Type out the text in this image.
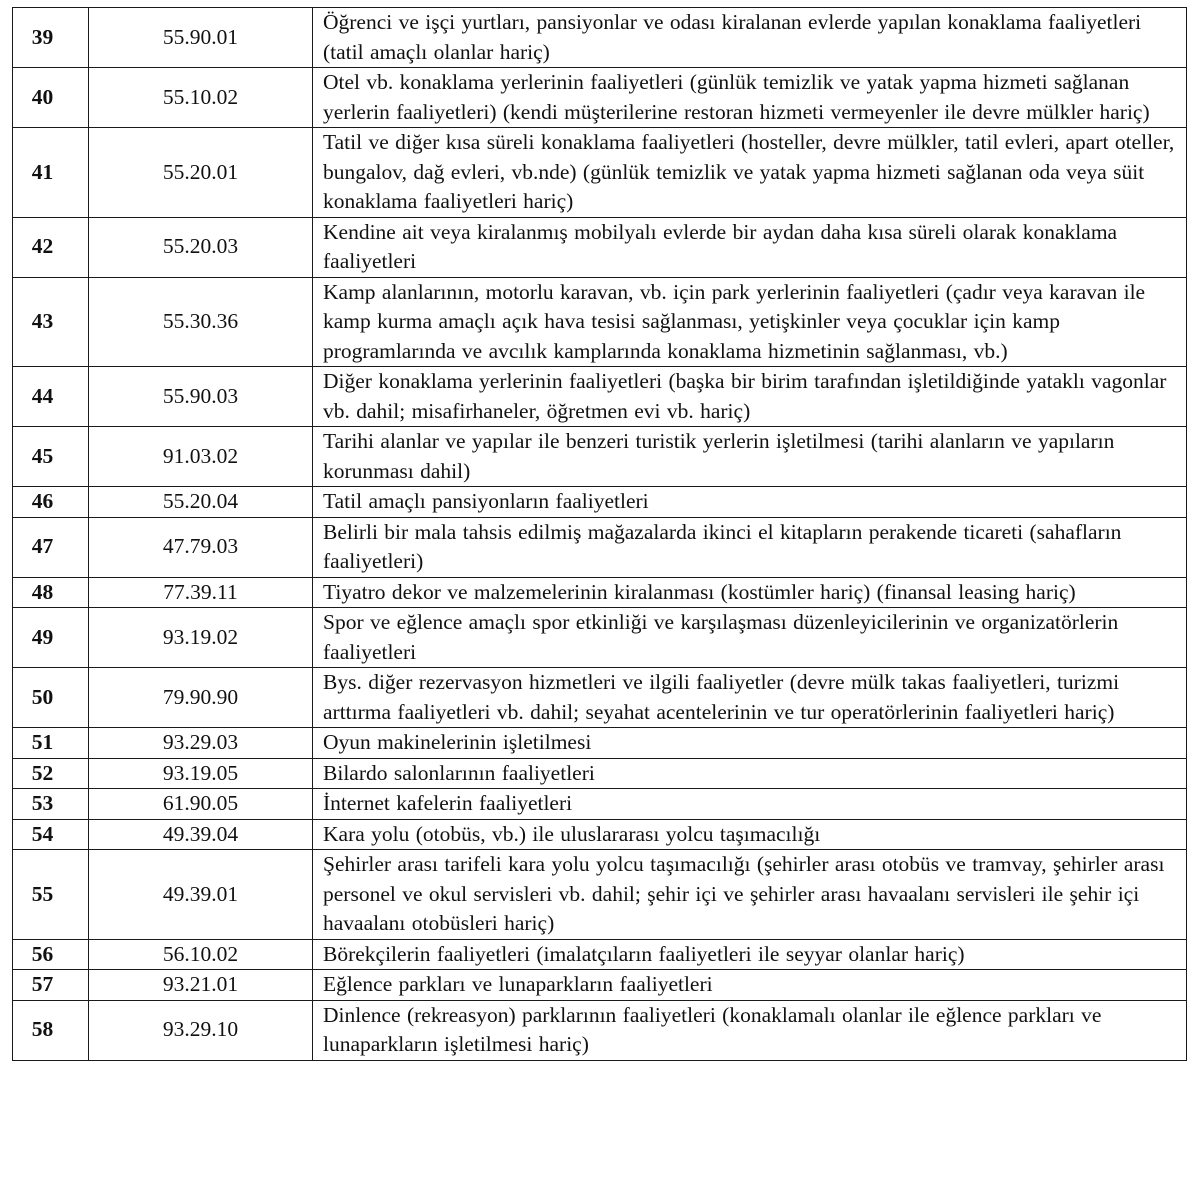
39	55.90.01	Öğrenci ve işçi yurtları, pansiyonlar ve odası kiralanan evlerde yapılan konaklama faaliyetleri (tatil amaçlı olanlar hariç)
40	55.10.02	Otel vb. konaklama yerlerinin faaliyetleri (günlük temizlik ve yatak yapma hizmeti sağlanan yerlerin faaliyetleri) (kendi müşterilerine restoran hizmeti vermeyenler ile devre mülkler hariç)
41	55.20.01	Tatil ve diğer kısa süreli konaklama faaliyetleri (hosteller, devre mülkler, tatil evleri, apart oteller, bungalov, dağ evleri, vb.nde) (günlük temizlik ve yatak yapma hizmeti sağlanan oda veya süit konaklama faaliyetleri hariç)
42	55.20.03	Kendine ait veya kiralanmış mobilyalı evlerde bir aydan daha kısa süreli olarak konaklama faaliyetleri
43	55.30.36	Kamp alanlarının, motorlu karavan, vb. için park yerlerinin faaliyetleri (çadır veya karavan ile kamp kurma amaçlı açık hava tesisi sağlanması, yetişkinler veya çocuklar için kamp programlarında ve avcılık kamplarında konaklama hizmetinin sağlanması, vb.)
44	55.90.03	Diğer konaklama yerlerinin faaliyetleri (başka bir birim tarafından işletildiğinde yataklı vagonlar vb. dahil; misafirhaneler, öğretmen evi vb. hariç)
45	91.03.02	Tarihi alanlar ve yapılar ile benzeri turistik yerlerin işletilmesi (tarihi alanların ve yapıların korunması dahil)
46	55.20.04	Tatil amaçlı pansiyonların faaliyetleri
47	47.79.03	Belirli bir mala tahsis edilmiş mağazalarda ikinci el kitapların perakende ticareti (sahafların faaliyetleri)
48	77.39.11	Tiyatro dekor ve malzemelerinin kiralanması (kostümler hariç) (finansal leasing hariç)
49	93.19.02	Spor ve eğlence amaçlı spor etkinliği ve karşılaşması düzenleyicilerinin ve organizatörlerin faaliyetleri
50	79.90.90	Bys. diğer rezervasyon hizmetleri ve ilgili faaliyetler (devre mülk takas faaliyetleri, turizmi arttırma faaliyetleri vb. dahil; seyahat acentelerinin ve tur operatörlerinin faaliyetleri hariç)
51	93.29.03	Oyun makinelerinin işletilmesi
52	93.19.05	Bilardo salonlarının faaliyetleri
53	61.90.05	İnternet kafelerin faaliyetleri
54	49.39.04	Kara yolu (otobüs, vb.) ile uluslararası yolcu taşımacılığı
55	49.39.01	Şehirler arası tarifeli kara yolu yolcu taşımacılığı (şehirler arası otobüs ve tramvay, şehirler arası personel ve okul servisleri vb. dahil; şehir içi ve şehirler arası havaalanı servisleri ile şehir içi havaalanı otobüsleri hariç)
56	56.10.02	Börekçilerin faaliyetleri (imalatçıların faaliyetleri ile seyyar olanlar hariç)
57	93.21.01	Eğlence parkları ve lunaparkların faaliyetleri
58	93.29.10	Dinlence (rekreasyon) parklarının faaliyetleri (konaklamalı olanlar ile eğlence parkları ve lunaparkların işletilmesi hariç)
